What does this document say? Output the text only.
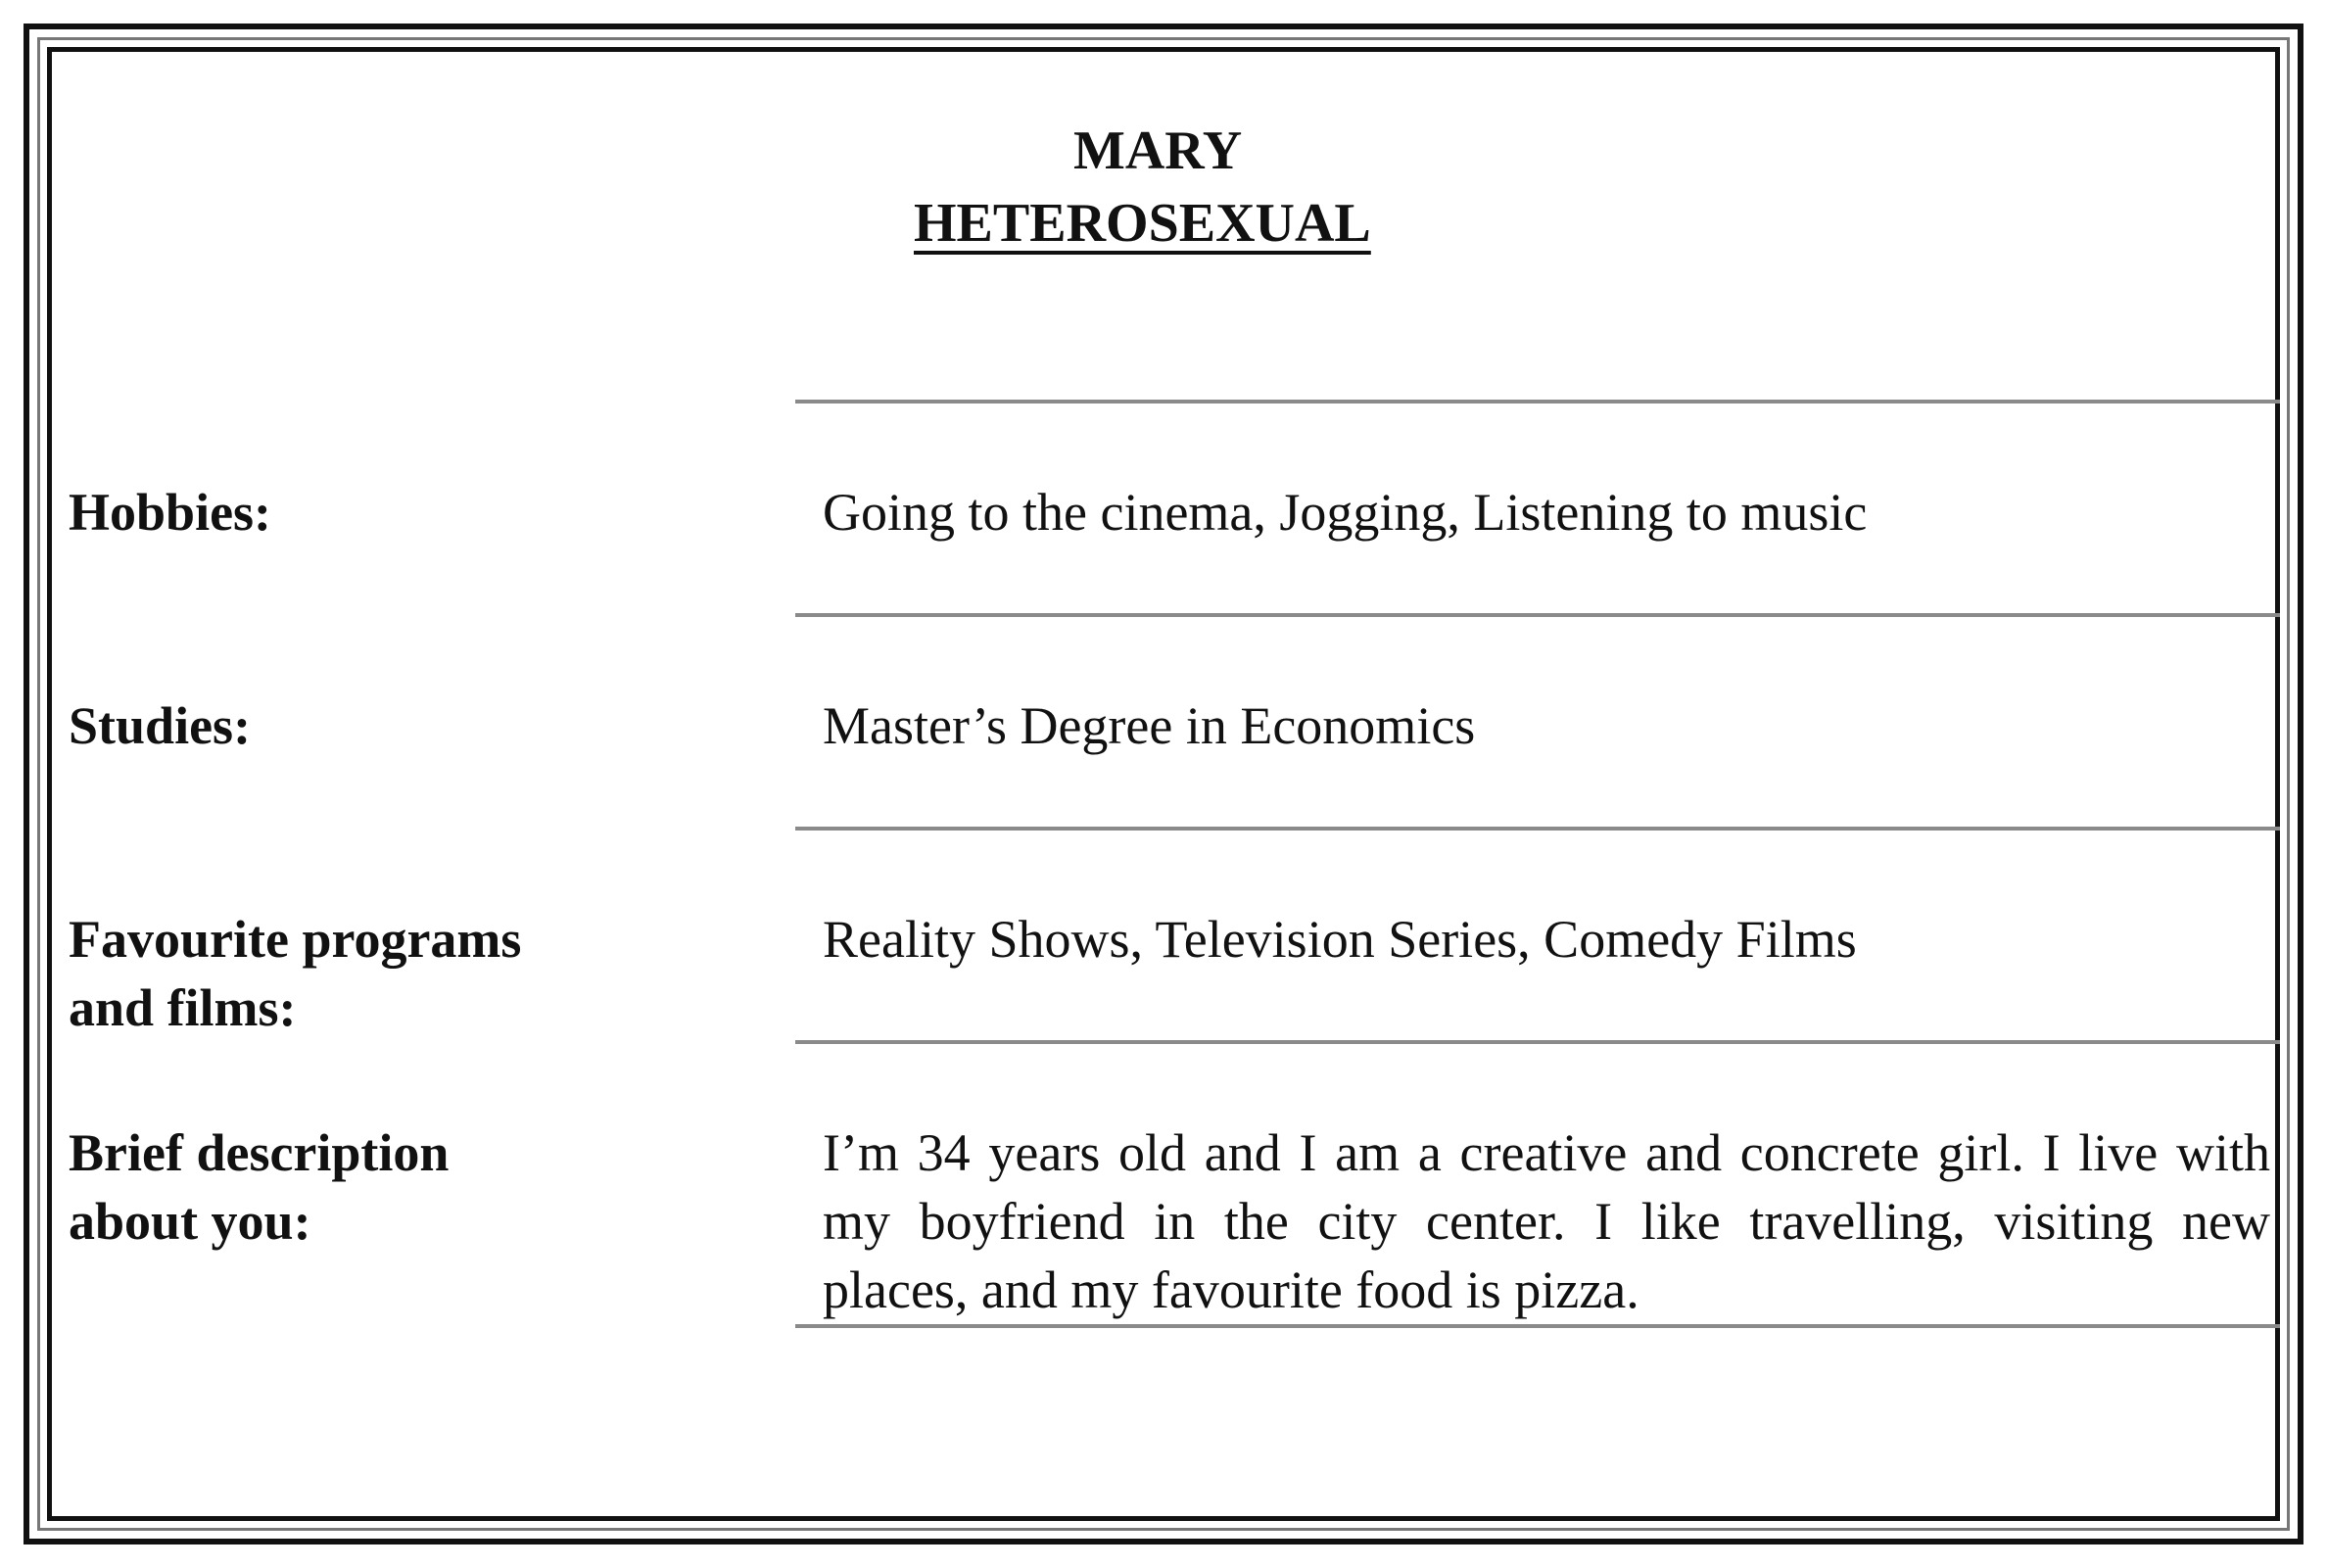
MARY
HETEROSEXUAL
Hobbies:	Going to the cinema, Jogging, Listening to music
Studies:	Master’s Degree in Economics
Favourite programs
and films:
Reality Shows, Television Series, Comedy Films
Brief description
about you:
I’m 34 years old and I am a creative and concrete girl. I live with my boyfriend in the city center. I like travelling, visiting new places, and my favourite food is pizza.
